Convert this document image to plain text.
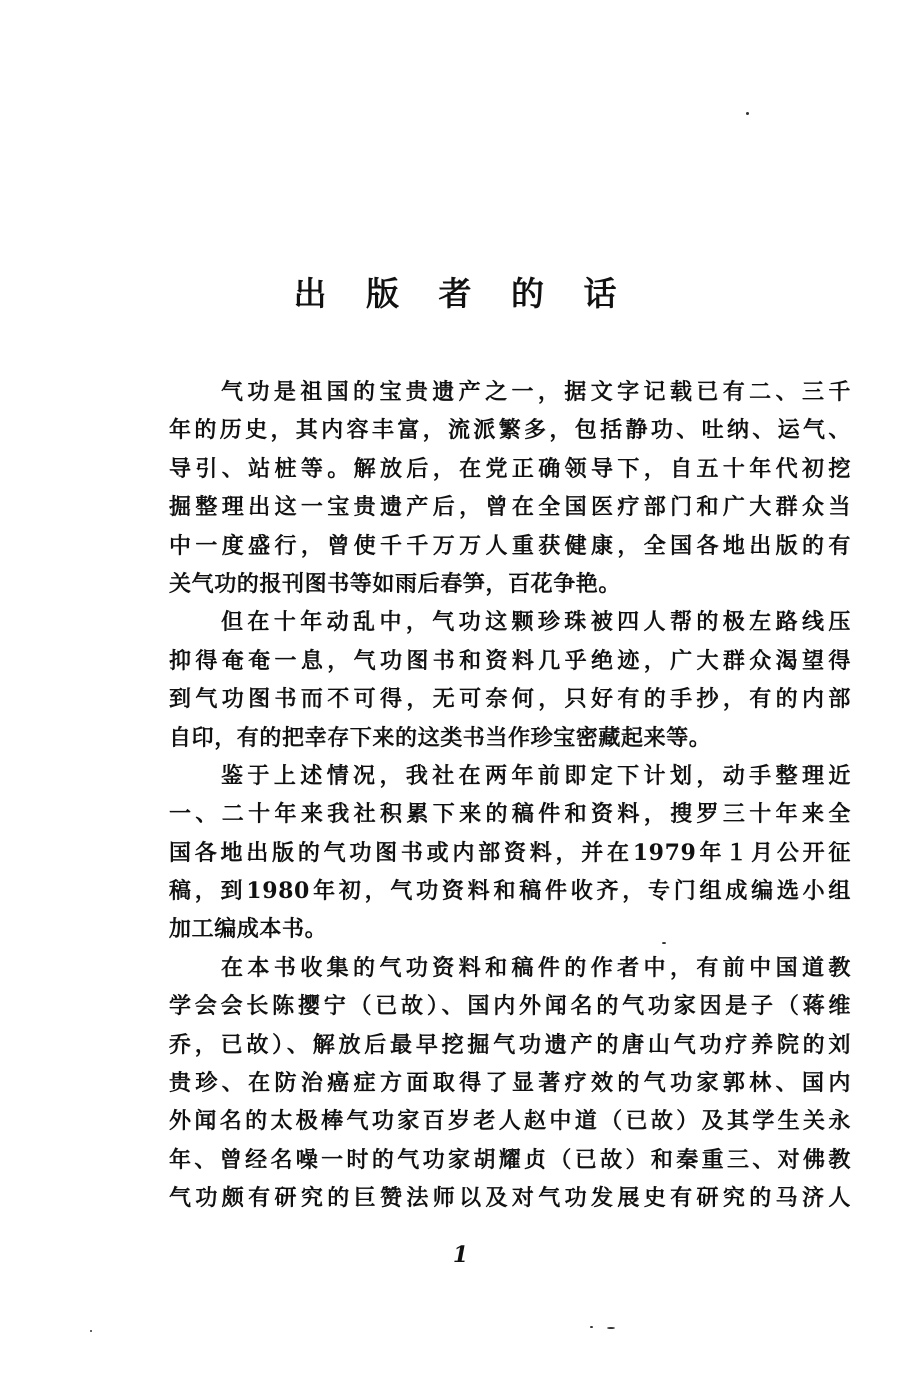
出 版 者 的 话
气功是祖国的宝贵遗产之一，据文字记载已有二、三千
年的历史，其内容丰富，流派繁多，包括静功、吐纳、运气、
导引、站桩等。解放后，在党正确领导下，自五十年代初挖
掘整理出这一宝贵遗产后，曾在全国医疗部门和广大群众当
中一度盛行，曾使千千万万人重获健康，全国各地出版的有
关气功的报刊图书等如雨后春笋，百花争艳。
但在十年动乱中，气功这颗珍珠被四人帮的极左路线压
抑得奄奄一息，气功图书和资料几乎绝迹，广大群众渴望得
到气功图书而不可得，无可奈何，只好有的手抄，有的内部
自印，有的把幸存下来的这类书当作珍宝密藏起来等。
鉴于上述情况，我社在两年前即定下计划，动手整理近
一、二十年来我社积累下来的稿件和资料，搜罗三十年来全
国各地出版的气功图书或内部资料，并在1979年１月公开征
稿，到1980年初，气功资料和稿件收齐，专门组成编选小组
加工编成本书。
在本书收集的气功资料和稿件的作者中，有前中国道教
学会会长陈撄宁（已故）、国内外闻名的气功家因是子（蒋维
乔，已故）、解放后最早挖掘气功遗产的唐山气功疗养院的刘
贵珍、在防治癌症方面取得了显著疗效的气功家郭林、国内
外闻名的太极棒气功家百岁老人赵中道（已故）及其学生关永
年、曾经名噪一时的气功家胡耀贞（已故）和秦重三、对佛教
气功颇有研究的巨赞法师以及对气功发展史有研究的马济人
1
